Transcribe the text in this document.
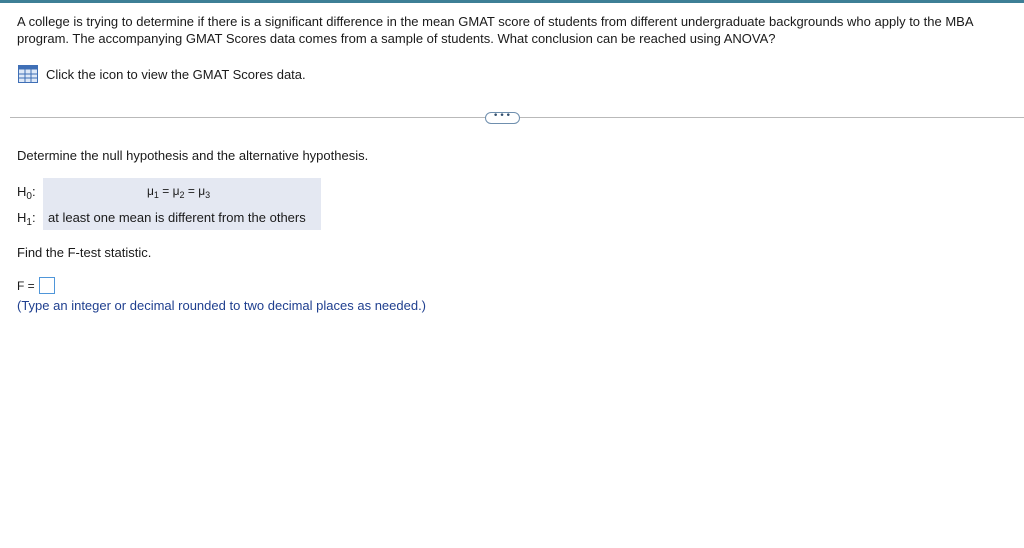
A college is trying to determine if there is a significant difference in the mean GMAT score of students from different undergraduate backgrounds who apply to the MBA program. The accompanying GMAT Scores data comes from a sample of students. What conclusion can be reached using ANOVA?
Click the icon to view the GMAT Scores data.
•••
Determine the null hypothesis and the alternative hypothesis.
$H_0$:
$H_1$:
$\mu_1 = \mu_2 = \mu_3$
at least one mean is different from the others
Find the F-test statistic.
F =
(Type an integer or decimal rounded to two decimal places as needed.)
